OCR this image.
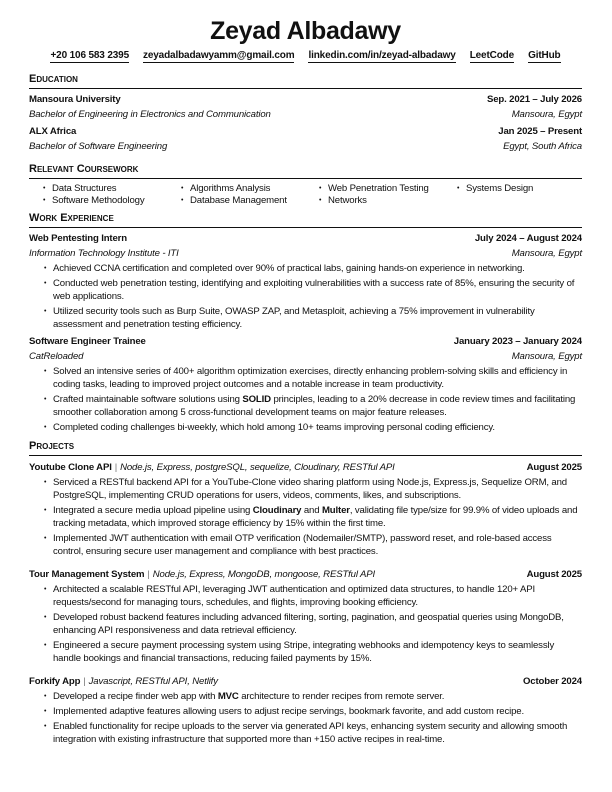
Zeyad Albadawy
+20 106 583 2395 zeyadalbadawyamm@gmail.com linkedin.com/in/zeyad-albadawy LeetCode GitHub
Education
Mansoura University	Sep. 2021 – July 2026
Bachelor of Engineering in Electronics and Communication	Mansoura, Egypt
ALX Africa	Jan 2025 – Present
Bachelor of Software Engineering	Egypt, South Africa
Relevant Coursework
• Data Structures	• Algorithms Analysis	• Web Penetration Testing	• Systems Design
• Software Methodology	• Database Management	• Networks
Work Experience
Web Pentesting Intern	July 2024 – August 2024
Information Technology Institute - ITI	Mansoura, Egypt
• Achieved CCNA certification and completed over 90% of practical labs, gaining hands-on experience in networking.
• Conducted web penetration testing, identifying and exploiting vulnerabilities with a success rate of 85%, ensuring the security of web applications.
• Utilized security tools such as Burp Suite, OWASP ZAP, and Metasploit, achieving a 75% improvement in vulnerability assessment and penetration testing efficiency.
Software Engineer Trainee	January 2023 – January 2024
CatReloaded	Mansoura, Egypt
• Solved an intensive series of 400+ algorithm optimization exercises, directly enhancing problem-solving skills and efficiency in coding tasks, leading to improved project outcomes and a notable increase in team productivity.
• Crafted maintainable software solutions using SOLID principles, leading to a 20% decrease in code review times and facilitating smoother collaboration among 5 cross-functional development teams on major feature releases.
• Completed coding challenges bi-weekly, which hold among 10+ teams improving personal coding efficiency.
Projects
Youtube Clone API | Node.js, Express, postgreSQL, sequelize, Cloudinary, RESTful API	August 2025
• Serviced a RESTful backend API for a YouTube-Clone video sharing platform using Node.js, Express.js, Sequelize ORM, and PostgreSQL, implementing CRUD operations for users, videos, comments, likes, and subscriptions.
• Integrated a secure media upload pipeline using Cloudinary and Multer, validating file type/size for 99.9% of video uploads and tracking metadata, which improved storage efficiency by 15% within the first time.
• Implemented JWT authentication with email OTP verification (Nodemailer/SMTP), password reset, and role-based access control, ensuring secure user management and compliance with best practices.
Tour Management System | Node.js, Express, MongoDB, mongoose, RESTful API	August 2025
• Architected a scalable RESTful API, leveraging JWT authentication and optimized data structures, to handle 120+ API requests/second for managing tours, schedules, and flights, improving booking efficiency.
• Developed robust backend features including advanced filtering, sorting, pagination, and geospatial queries using MongoDB, enhancing API responsiveness and data retrieval efficiency.
• Engineered a secure payment processing system using Stripe, integrating webhooks and idempotency keys to seamlessly handle bookings and financial transactions, reducing failed payments by 15%.
Forkify App | Javascript, RESTful API, Netlify	October 2024
• Developed a recipe finder web app with MVC architecture to render recipes from remote server.
• Implemented adaptive features allowing users to adjust recipe servings, bookmark favorite, and add custom recipe.
• Enabled functionality for recipe uploads to the server via generated API keys, enhancing system security and allowing smooth integration with existing infrastructure that supported more than +150 active recipes in real-time.
